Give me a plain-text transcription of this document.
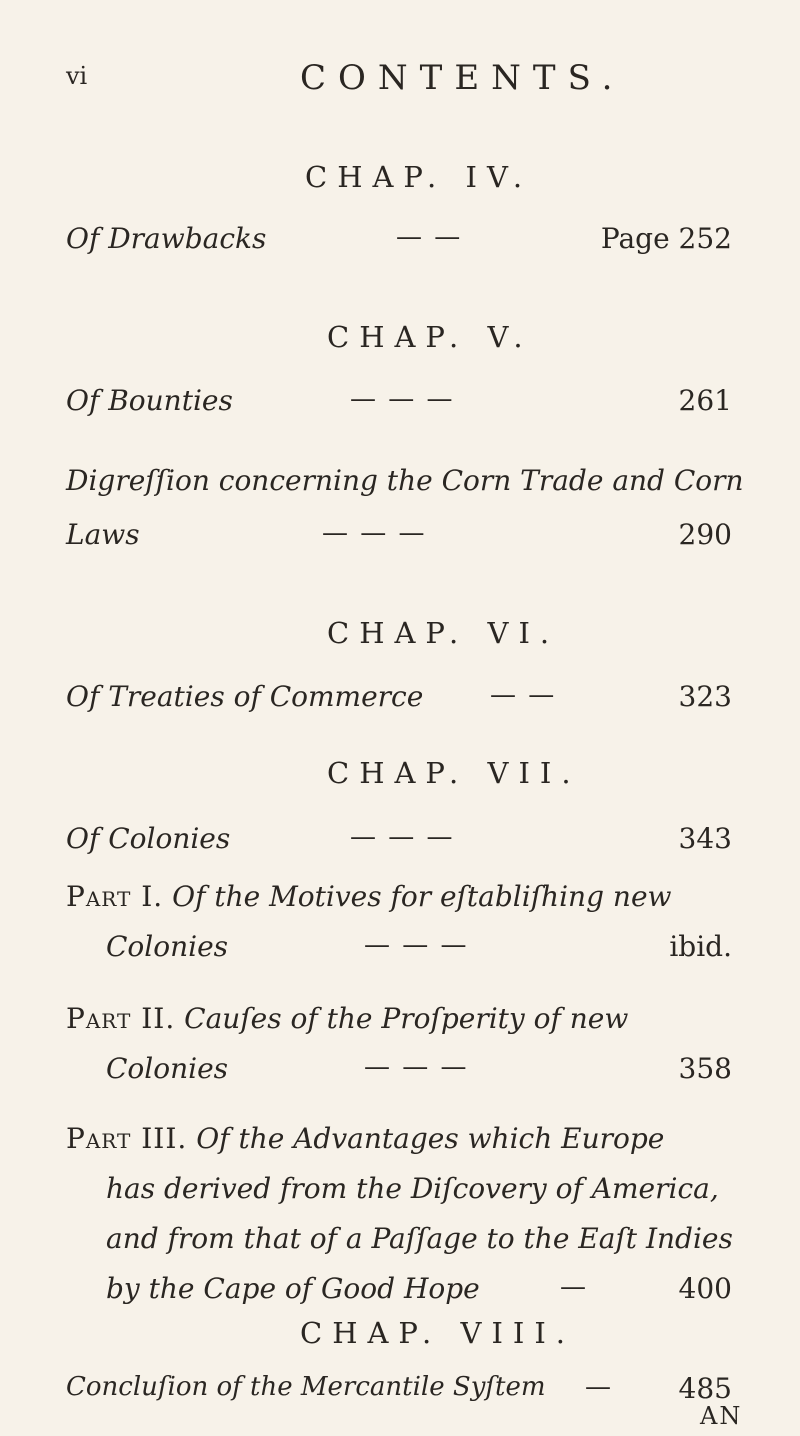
vi	CONTENTS.
CHAP. IV.
Of Drawbacks	— —	Page 252
CHAP. V.
Of Bounties	— — —	261
Digreſſion concerning the Corn Trade and Corn
Laws	— — —	290
CHAP. VI.
Of Treaties of Commerce	— —	323
CHAP. VII.
Of Colonies	— — —	343
Part I. Of the Motives for eſtabliſhing new
Colonies	— — —	ibid.
Part II. Cauſes of the Proſperity of new
Colonies	— — —	358
Part III. Of the Advantages which Europe
has derived from the Diſcovery of America,
and from that of a Paſſage to the Eaſt Indies
by the Cape of Good Hope	—	400
CHAP. VIII.
Concluſion of the Mercantile Syſtem — 485
AN
